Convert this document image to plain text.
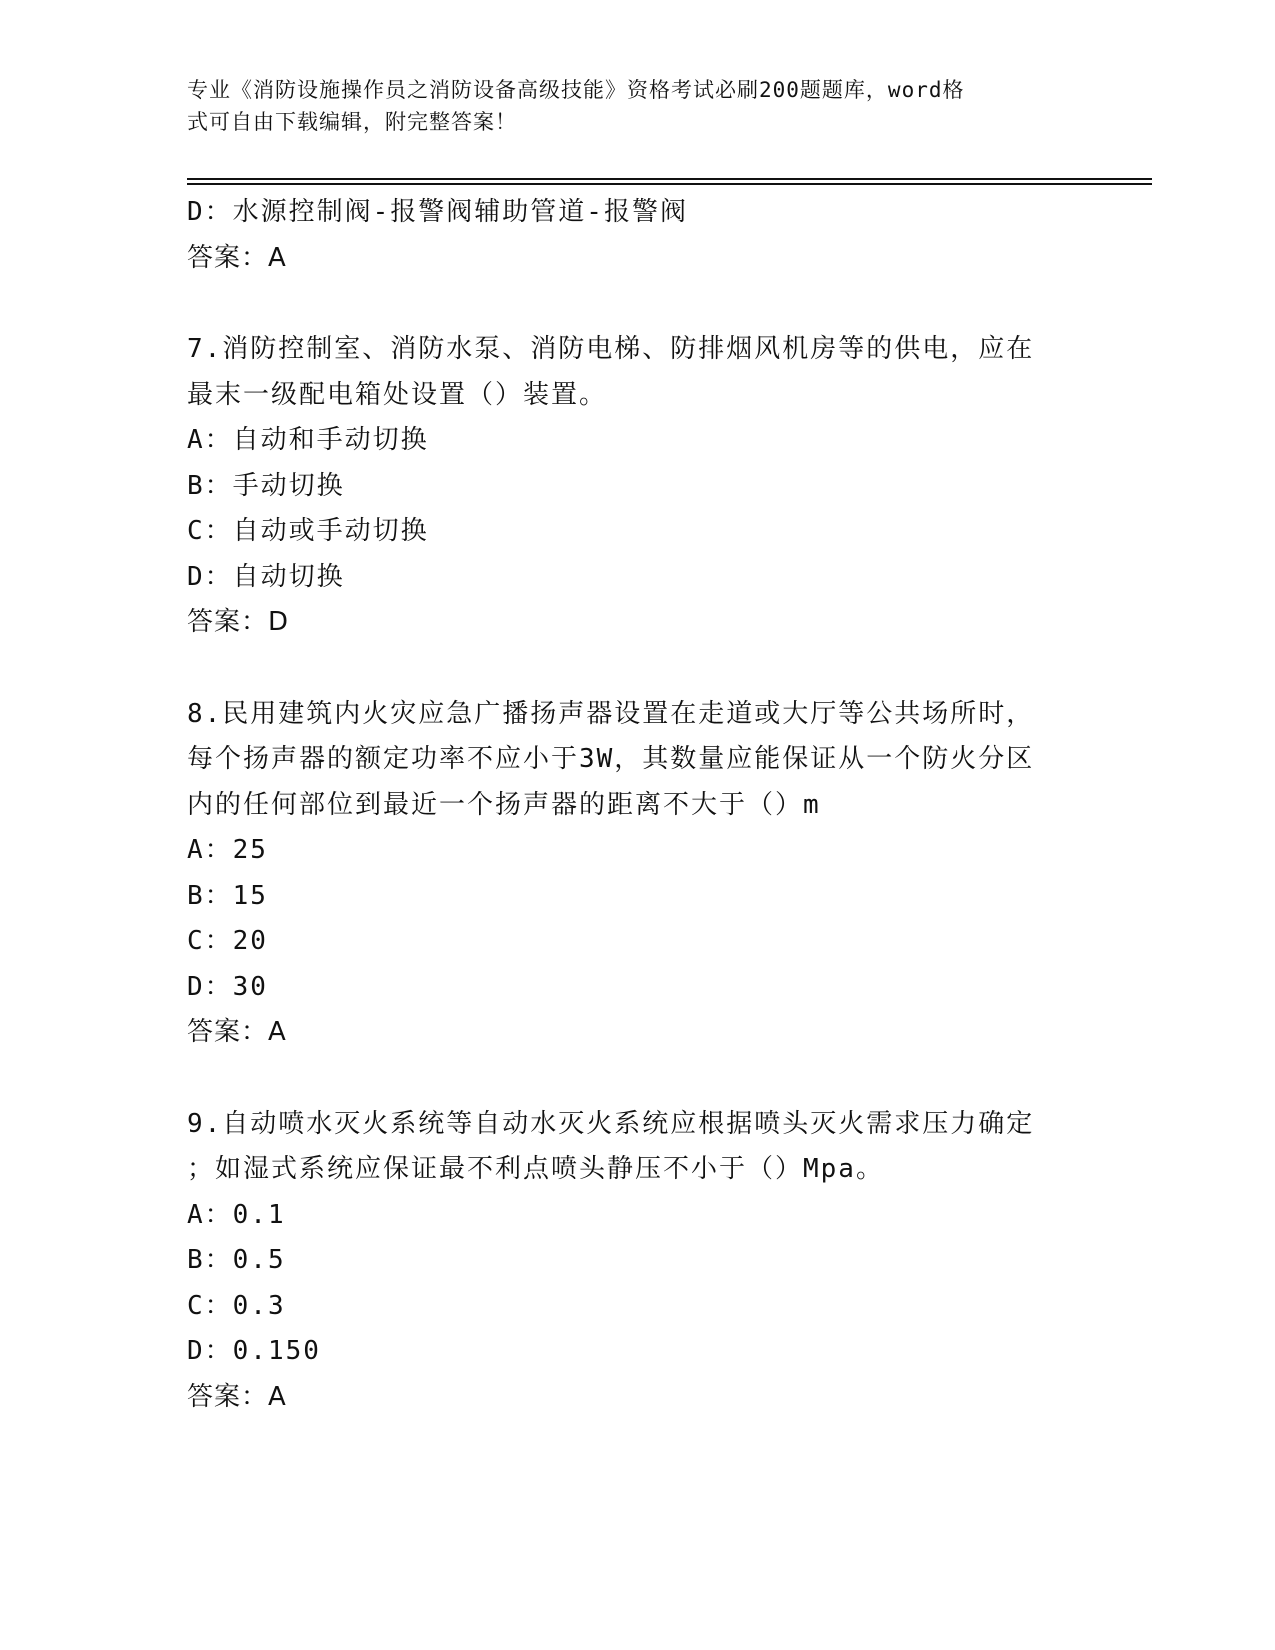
专业《消防设施操作员之消防设备高级技能》资格考试必刷200题题库，word格
式可自由下载编辑，附完整答案！
D：水源控制阀-报警阀辅助管道-报警阀
答案：A
7.消防控制室、消防水泵、消防电梯、防排烟风机房等的供电，应在
最末一级配电箱处设置（）装置。
A：自动和手动切换
B：手动切换
C：自动或手动切换
D：自动切换
答案：D
8.民用建筑内火灾应急广播扬声器设置在走道或大厅等公共场所时，
每个扬声器的额定功率不应小于3W，其数量应能保证从一个防火分区
内的任何部位到最近一个扬声器的距离不大于（）m
A：25
B：15
C：20
D：30
答案：A
9.自动喷水灭火系统等自动水灭火系统应根据喷头灭火需求压力确定
；如湿式系统应保证最不利点喷头静压不小于（）Mpa。
A：0.1
B：0.5
C：0.3
D：0.150
答案：A
